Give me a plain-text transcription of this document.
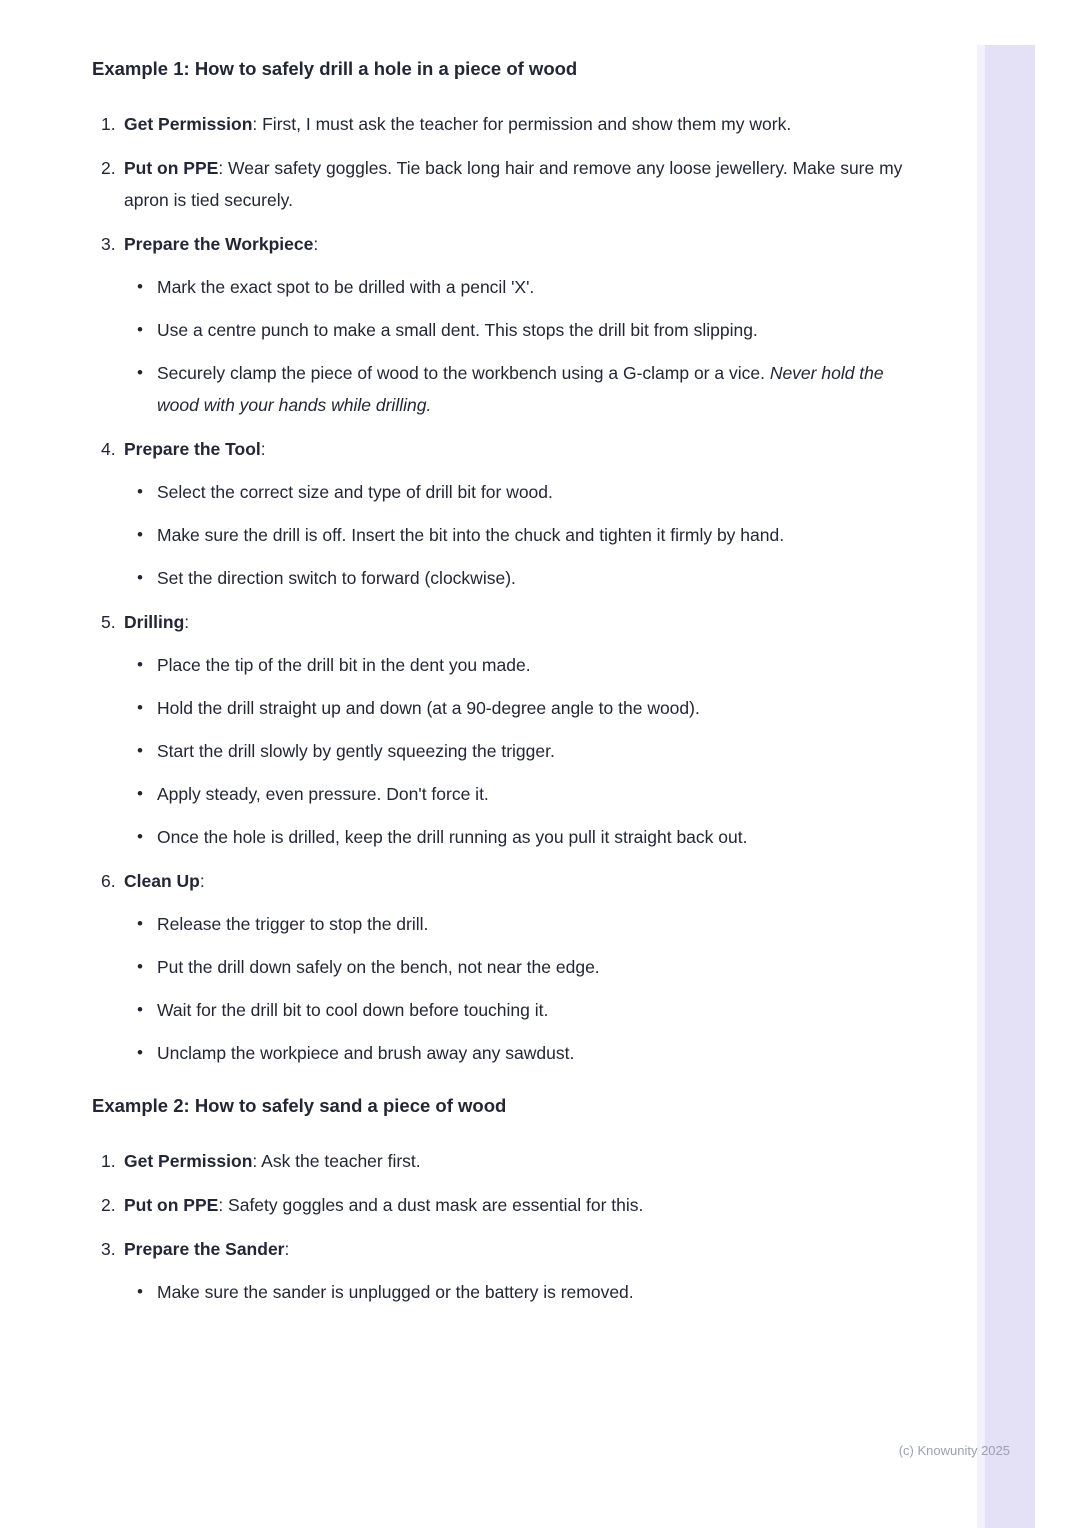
Example 1: How to safely drill a hole in a piece of wood
1. Get Permission: First, I must ask the teacher for permission and show them my work.
2. Put on PPE: Wear safety goggles. Tie back long hair and remove any loose jewellery. Make sure my apron is tied securely.
3. Prepare the Workpiece:
• Mark the exact spot to be drilled with a pencil 'X'.
• Use a centre punch to make a small dent. This stops the drill bit from slipping.
• Securely clamp the piece of wood to the workbench using a G-clamp or a vice. Never hold the wood with your hands while drilling.
4. Prepare the Tool:
• Select the correct size and type of drill bit for wood.
• Make sure the drill is off. Insert the bit into the chuck and tighten it firmly by hand.
• Set the direction switch to forward (clockwise).
5. Drilling:
• Place the tip of the drill bit in the dent you made.
• Hold the drill straight up and down (at a 90-degree angle to the wood).
• Start the drill slowly by gently squeezing the trigger.
• Apply steady, even pressure. Don't force it.
• Once the hole is drilled, keep the drill running as you pull it straight back out.
6. Clean Up:
• Release the trigger to stop the drill.
• Put the drill down safely on the bench, not near the edge.
• Wait for the drill bit to cool down before touching it.
• Unclamp the workpiece and brush away any sawdust.
Example 2: How to safely sand a piece of wood
1. Get Permission: Ask the teacher first.
2. Put on PPE: Safety goggles and a dust mask are essential for this.
3. Prepare the Sander:
• Make sure the sander is unplugged or the battery is removed.
(c) Knowunity 2025
